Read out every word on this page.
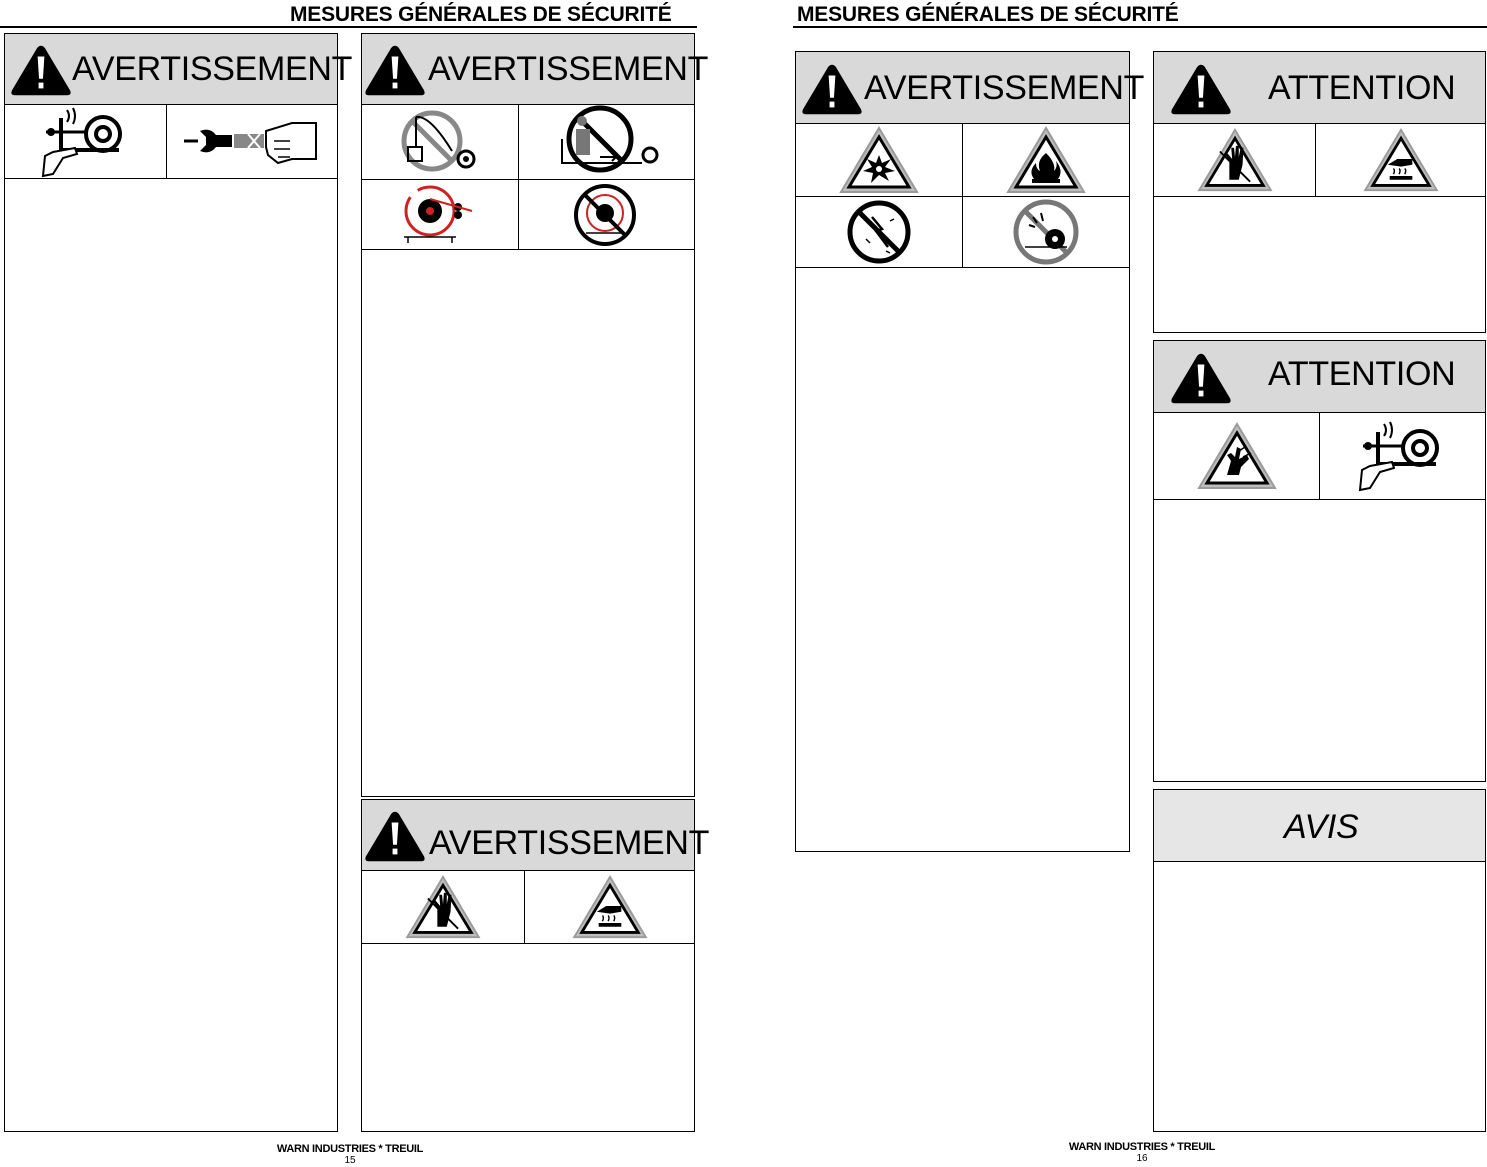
MESURES GÉNÉRALES DE SÉCURITÉ
AVERTISSEMENT AVERTISSEMENT
AVERTISSEMENT
WARN INDUSTRIES * TREUIL
15
MESURES GÉNÉRALES DE SÉCURITÉ
AVERTISSEMENT	ATTENTION
ATTENTION
AVIS
WARN INDUSTRIES * TREUIL
16
